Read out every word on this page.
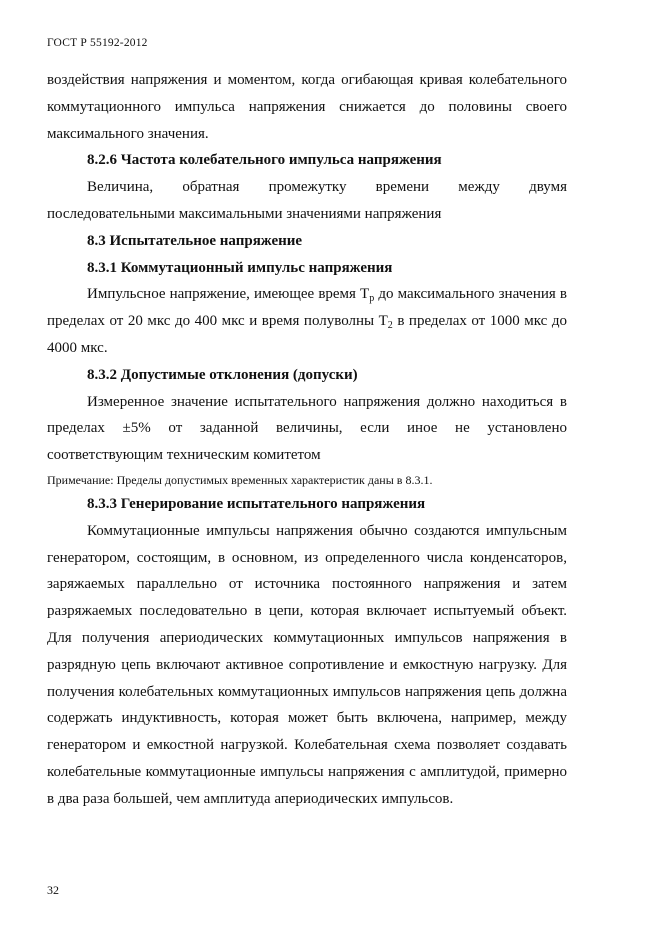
ГОСТ Р 55192-2012

воздействия напряжения и моментом, когда огибающая кривая колебательного коммутационного импульса напряжения снижается до половины своего максимального значения.

8.2.6 Частота колебательного импульса напряжения

Величина, обратная промежутку времени между двумя последовательными максимальными значениями напряжения

8.3 Испытательное напряжение

8.3.1 Коммутационный импульс напряжения

Импульсное напряжение, имеющее время $T_p$ до максимального значения в пределах от 20 мкс до 400 мкс и время полуволны $T_2$ в пределах от 1000 мкс до 4000 мкс.

8.3.2 Допустимые отклонения (допуски)

Измеренное значение испытательного напряжения должно находиться в пределах ±5% от заданной величины, если иное не установлено соответствующим техническим комитетом

Примечание: Пределы допустимых временных характеристик даны в 8.3.1.

8.3.3 Генерирование испытательного напряжения

Коммутационные импульсы напряжения обычно создаются импульсным генератором, состоящим, в основном, из определенного числа конденсаторов, заряжаемых параллельно от источника постоянного напряжения и затем разряжаемых последовательно в цепи, которая включает испытуемый объект. Для получения апериодических коммутационных импульсов напряжения в разрядную цепь включают активное сопротивление и емкостную нагрузку. Для получения колебательных коммутационных импульсов напряжения цепь должна содержать индуктивность, которая может быть включена, например, между генератором и емкостной нагрузкой. Колебательная схема позволяет создавать колебательные коммутационные импульсы напряжения с амплитудой, примерно в два раза большей, чем амплитуда апериодических импульсов.

32
